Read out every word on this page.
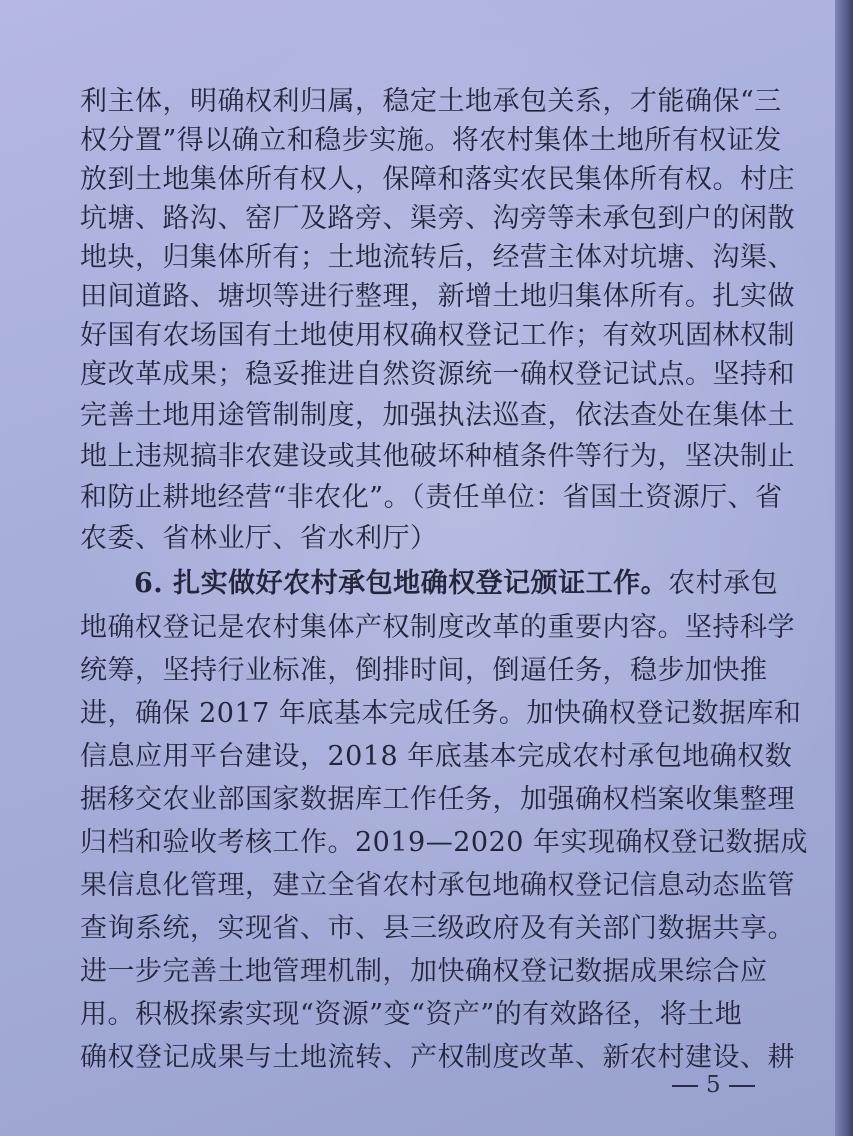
利主体，明确权利归属，稳定土地承包关系，才能确保“三
权分置”得以确立和稳步实施。将农村集体土地所有权证发
放到土地集体所有权人，保障和落实农民集体所有权。村庄
坑塘、路沟、窑厂及路旁、渠旁、沟旁等未承包到户的闲散
地块，归集体所有；土地流转后，经营主体对坑塘、沟渠、
田间道路、塘坝等进行整理，新增土地归集体所有。扎实做
好国有农场国有土地使用权确权登记工作；有效巩固林权制
度改革成果；稳妥推进自然资源统一确权登记试点。坚持和
完善土地用途管制制度，加强执法巡查，依法查处在集体土
地上违规搞非农建设或其他破坏种植条件等行为，坚决制止
和防止耕地经营“非农化”。（责任单位：省国土资源厅、省
农委、省林业厅、省水利厅）
6. 扎实做好农村承包地确权登记颁证工作。农村承包
地确权登记是农村集体产权制度改革的重要内容。坚持科学
统筹，坚持行业标准，倒排时间，倒逼任务，稳步加快推
进，确保 2017 年底基本完成任务。加快确权登记数据库和
信息应用平台建设，2018 年底基本完成农村承包地确权数
据移交农业部国家数据库工作任务，加强确权档案收集整理
归档和验收考核工作。2019—2020 年实现确权登记数据成
果信息化管理，建立全省农村承包地确权登记信息动态监管
查询系统，实现省、市、县三级政府及有关部门数据共享。
进一步完善土地管理机制，加快确权登记数据成果综合应
用。积极探索实现“资源”变“资产”的有效路径，将土地
确权登记成果与土地流转、产权制度改革、新农村建设、耕
5
